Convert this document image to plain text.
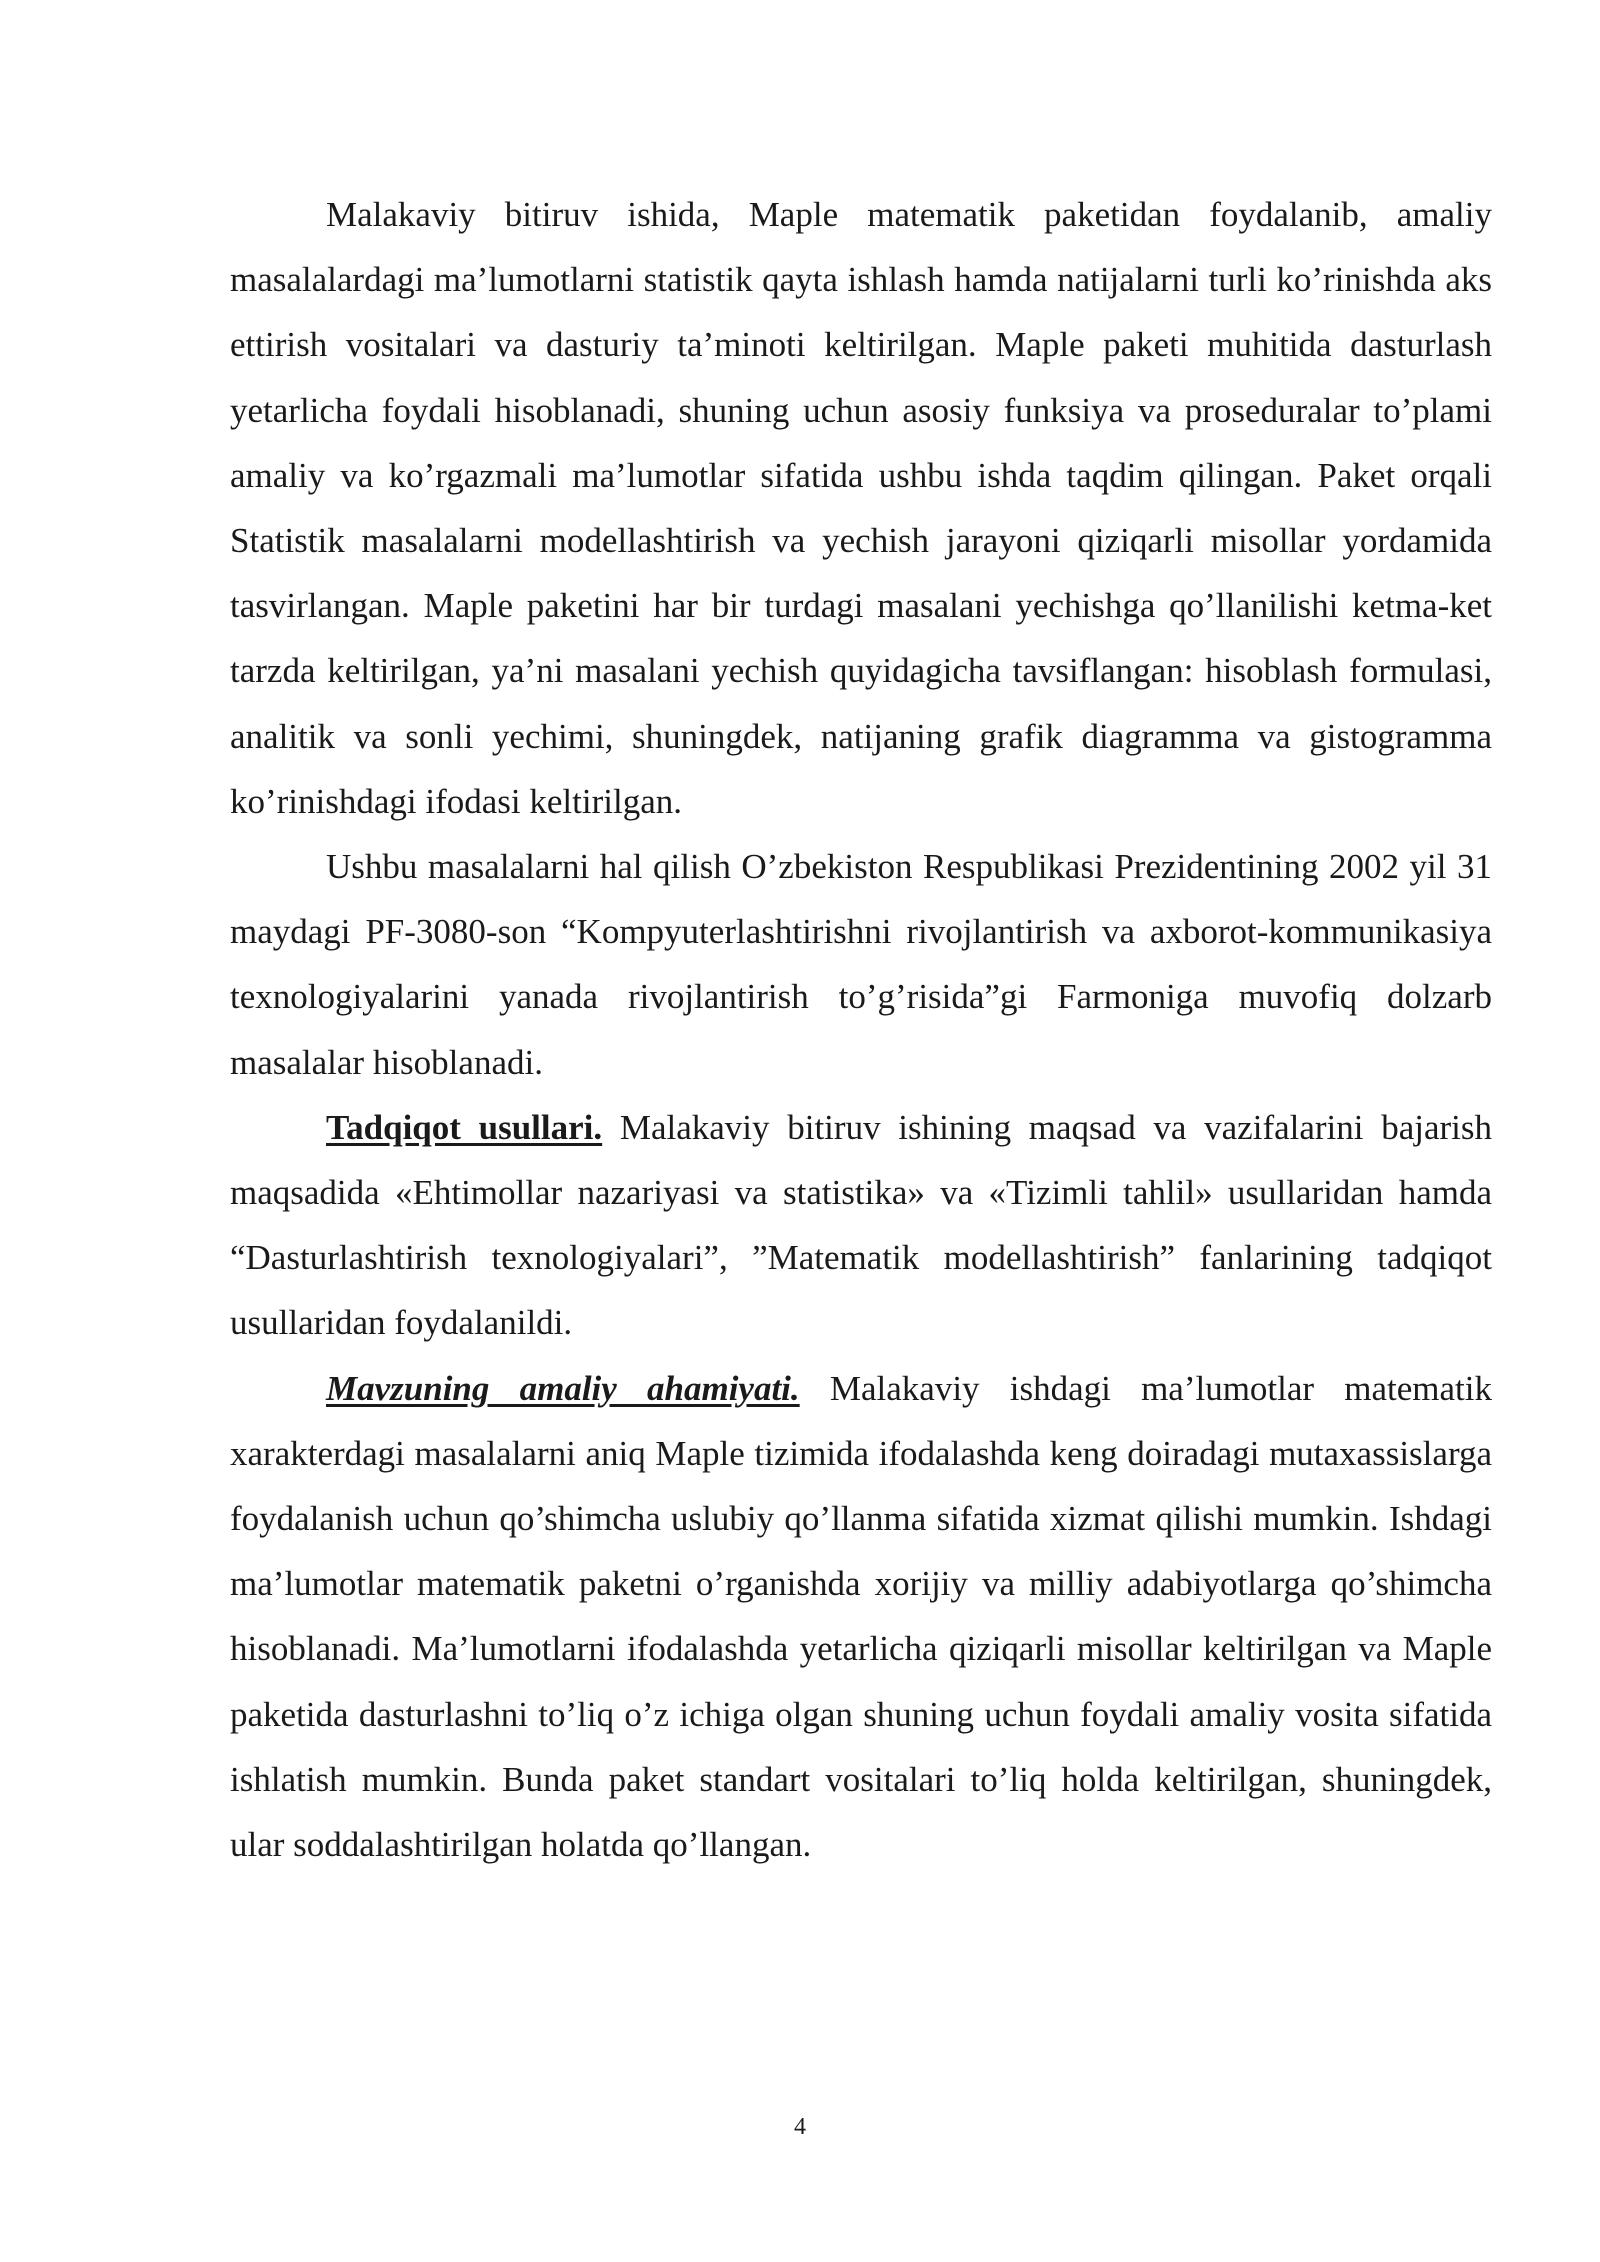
Malakaviy bitiruv ishida, Maple matematik paketidan foydalanib, amaliy masalalardagi ma’lumotlarni statistik qayta ishlash hamda natijalarni turli ko’rinishda aks ettirish vositalari va dasturiy ta’minoti keltirilgan. Maple paketi muhitida dasturlash yetarlicha foydali hisoblanadi, shuning uchun asosiy funksiya va proseduralar to’plami amaliy va ko’rgazmali ma’lumotlar sifatida ushbu ishda taqdim qilingan. Paket orqali Statistik masalalarni modellashtirish va yechish jarayoni qiziqarli misollar yordamida tasvirlangan. Maple paketini har bir turdagi masalani yechishga qo’llanilishi ketma-ket tarzda keltirilgan, ya’ni masalani yechish quyidagicha tavsiflangan: hisoblash formulasi, analitik va sonli yechimi, shuningdek, natijaning grafik diagramma va gistogramma ko’rinishdagi ifodasi keltirilgan.

Ushbu masalalarni hal qilish O’zbekiston Respublikasi Prezidentining 2002 yil 31 maydagi PF-3080-son “Kompyuterlashtirishni rivojlantirish va axborot-kommunikasiya texnologiyalarini yanada rivojlantirish to’g’risida”gi Farmoniga muvofiq dolzarb masalalar hisoblanadi.

Tadqiqot usullari. Malakaviy bitiruv ishining maqsad va vazifalarini bajarish maqsadida «Ehtimollar nazariyasi va statistika» va «Tizimli tahlil» usullaridan hamda “Dasturlashtirish texnologiyalari”, ”Matematik modellashtirish” fanlarining tadqiqot usullaridan foydalanildi.

Mavzuning amaliy ahamiyati. Malakaviy ishdagi ma’lumotlar matematik xarakterdagi masalalarni aniq Maple tizimida ifodalashda keng doiradagi mutaxassislarga foydalanish uchun qo’shimcha uslubiy qo’llanma sifatida xizmat qilishi mumkin. Ishdagi ma’lumotlar matematik paketni o’rganishda xorijiy va milliy adabiyotlarga qo’shimcha hisoblanadi. Ma’lumotlarni ifodalashda yetarlicha qiziqarli misollar keltirilgan va Maple paketida dasturlashni to’liq o’z ichiga olgan shuning uchun foydali amaliy vosita sifatida ishlatish mumkin. Bunda paket standart vositalari to’liq holda keltirilgan, shuningdek, ular soddalashtirilgan holatda qo’llangan.

4
